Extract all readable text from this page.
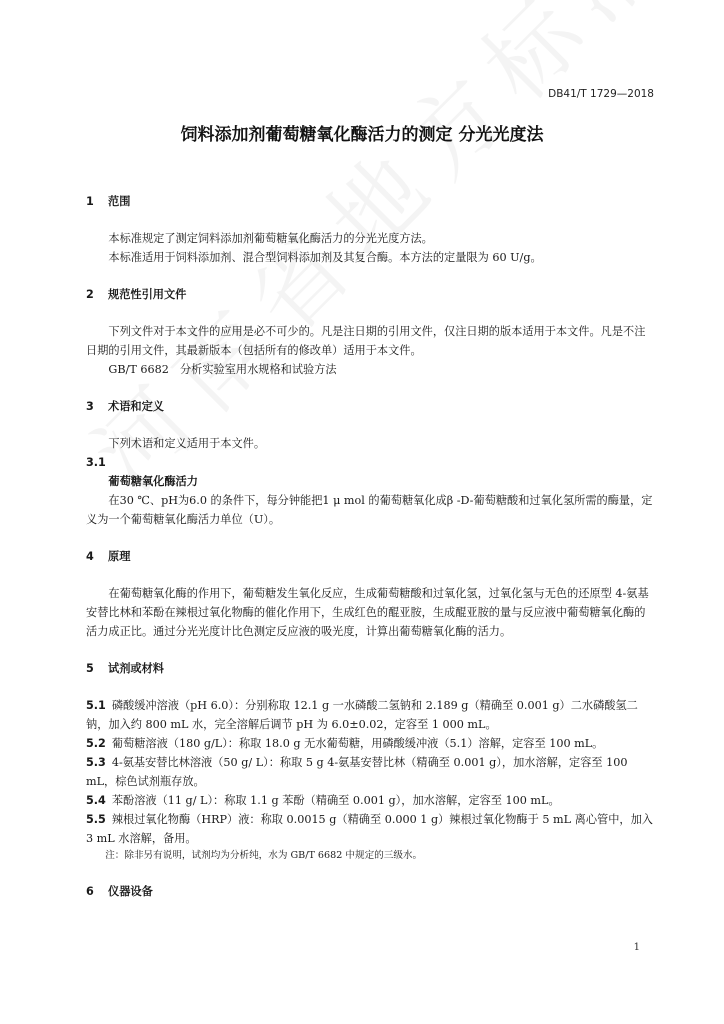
DB41/T 1729—2018
饲料添加剂葡萄糖氧化酶活力的测定 分光光度法

1 范围

本标准规定了测定饲料添加剂葡萄糖氧化酶活力的分光光度方法。

本标准适用于饲料添加剂、混合型饲料添加剂及其复合酶。本方法的定量限为 60 U/g。

2 规范性引用文件

下列文件对于本文件的应用是必不可少的。凡是注日期的引用文件，仅注日期的版本适用于本文件。凡是不注日期的引用文件，其最新版本（包括所有的修改单）适用于本文件。

GB/T 6682　分析实验室用水规格和试验方法

3 术语和定义

下列术语和定义适用于本文件。

3.1

葡萄糖氧化酶活力

在30 ℃、pH为6.0 的条件下，每分钟能把1 μ mol 的葡萄糖氧化成β -D-葡萄糖酸和过氧化氢所需的酶量，定义为一个葡萄糖氧化酶活力单位（U）。

4 原理

在葡萄糖氧化酶的作用下，葡萄糖发生氧化反应，生成葡萄糖酸和过氧化氢，过氧化氢与无色的还原型 4-氨基安替比林和苯酚在辣根过氧化物酶的催化作用下，生成红色的醌亚胺，生成醌亚胺的量与反应液中葡萄糖氧化酶的活力成正比。通过分光光度计比色测定反应液的吸光度，计算出葡萄糖氧化酶的活力。

5 试剂或材料

5.1 磷酸缓冲溶液（pH 6.0）：分别称取 12.1 g 一水磷酸二氢钠和 2.189 g（精确至 0.001 g）二水磷酸氢二钠，加入约 800 mL 水，完全溶解后调节 pH 为 6.0±0.02，定容至 1 000 mL。

5.2 葡萄糖溶液（180 g/L）：称取 18.0 g 无水葡萄糖，用磷酸缓冲液（5.1）溶解，定容至 100 mL。

5.3 4-氨基安替比林溶液（50 g/ L）：称取 5 g 4-氨基安替比林（精确至 0.001 g），加水溶解，定容至 100 mL，棕色试剂瓶存放。

5.4 苯酚溶液（11 g/ L）：称取 1.1 g 苯酚（精确至 0.001 g），加水溶解，定容至 100 mL。

5.5 辣根过氧化物酶（HRP）液：称取 0.0015 g（精确至 0.000 1 g）辣根过氧化物酶于 5 mL 离心管中，加入 3 mL 水溶解，备用。

注：除非另有说明，试剂均为分析纯，水为 GB/T 6682 中规定的三级水。

6 仪器设备

1
